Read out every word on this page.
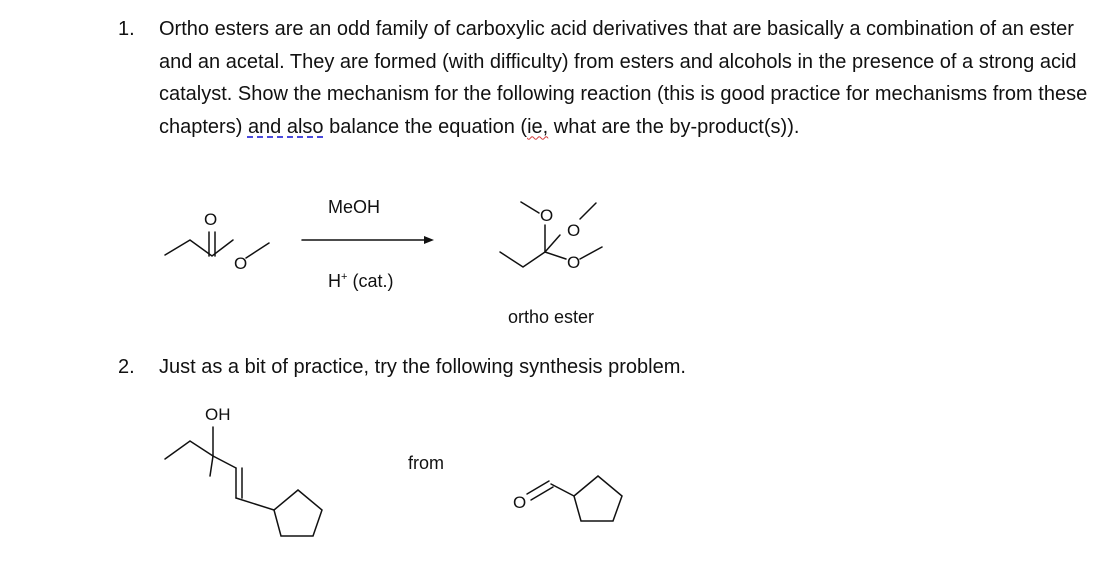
1.	Ortho esters are an odd family of carboxylic acid derivatives that are basically a combination of an ester and an acetal. They are formed (with difficulty) from esters and alcohols in the presence of a strong acid catalyst. Show the mechanism for the following reaction (this is good practice for mechanisms from these chapters) and also balance the equation (ie, what are the by-product(s)).
O
O
O
O
O
OH
O
MeOH
H+ (cat.)
ortho ester
2.	Just as a bit of practice, try the following synthesis problem.
from
